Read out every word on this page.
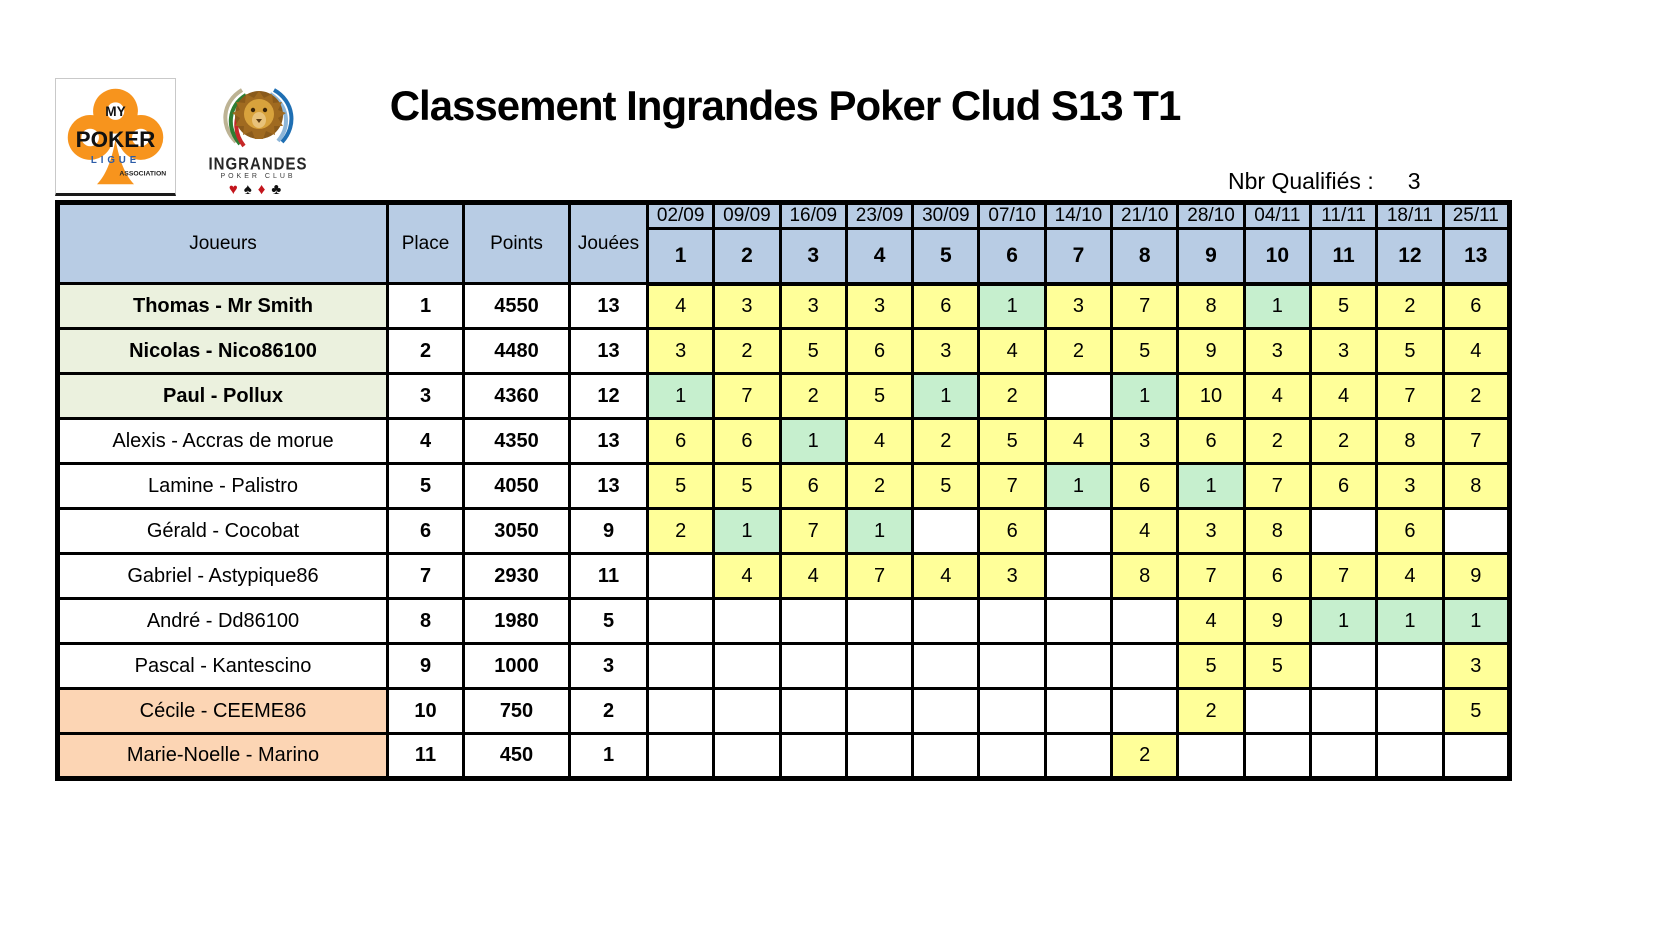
MY
POKER
LIGUE
ASSOCIATION	INGRANDES
POKER CLUB
♥♠♦♣
Classement Ingrandes Poker Clud S13 T1
Nbr Qualifiés : 3
Joueurs	Place	Points	Jouées	02/09	09/09	16/09	23/09	30/09	07/10	14/10	21/10	28/10	04/11	11/11	18/11	25/11
				1	2	3	4	5	6	7	8	9	10	11	12	13
Thomas - Mr Smith	1	4550	13	4	3	3	3	6	1	3	7	8	1	5	2	6
Nicolas - Nico86100	2	4480	13	3	2	5	6	3	4	2	5	9	3	3	5	4
Paul - Pollux	3	4360	12	1	7	2	5	1	2		1	10	4	4	7	2
Alexis - Accras de morue	4	4350	13	6	6	1	4	2	5	4	3	6	2	2	8	7
Lamine - Palistro	5	4050	13	5	5	6	2	5	7	1	6	1	7	6	3	8
Gérald - Cocobat	6	3050	9	2	1	7	1		6		4	3	8		6	
Gabriel - Astypique86	7	2930	11		4	4	7	4	3		8	7	6	7	4	9
André - Dd86100	8	1980	5									4	9	1	1	1
Pascal - Kantescino	9	1000	3									5	5			3
Cécile - CEEME86	10	750	2									2				5
Marie-Noelle - Marino	11	450	1								2					
